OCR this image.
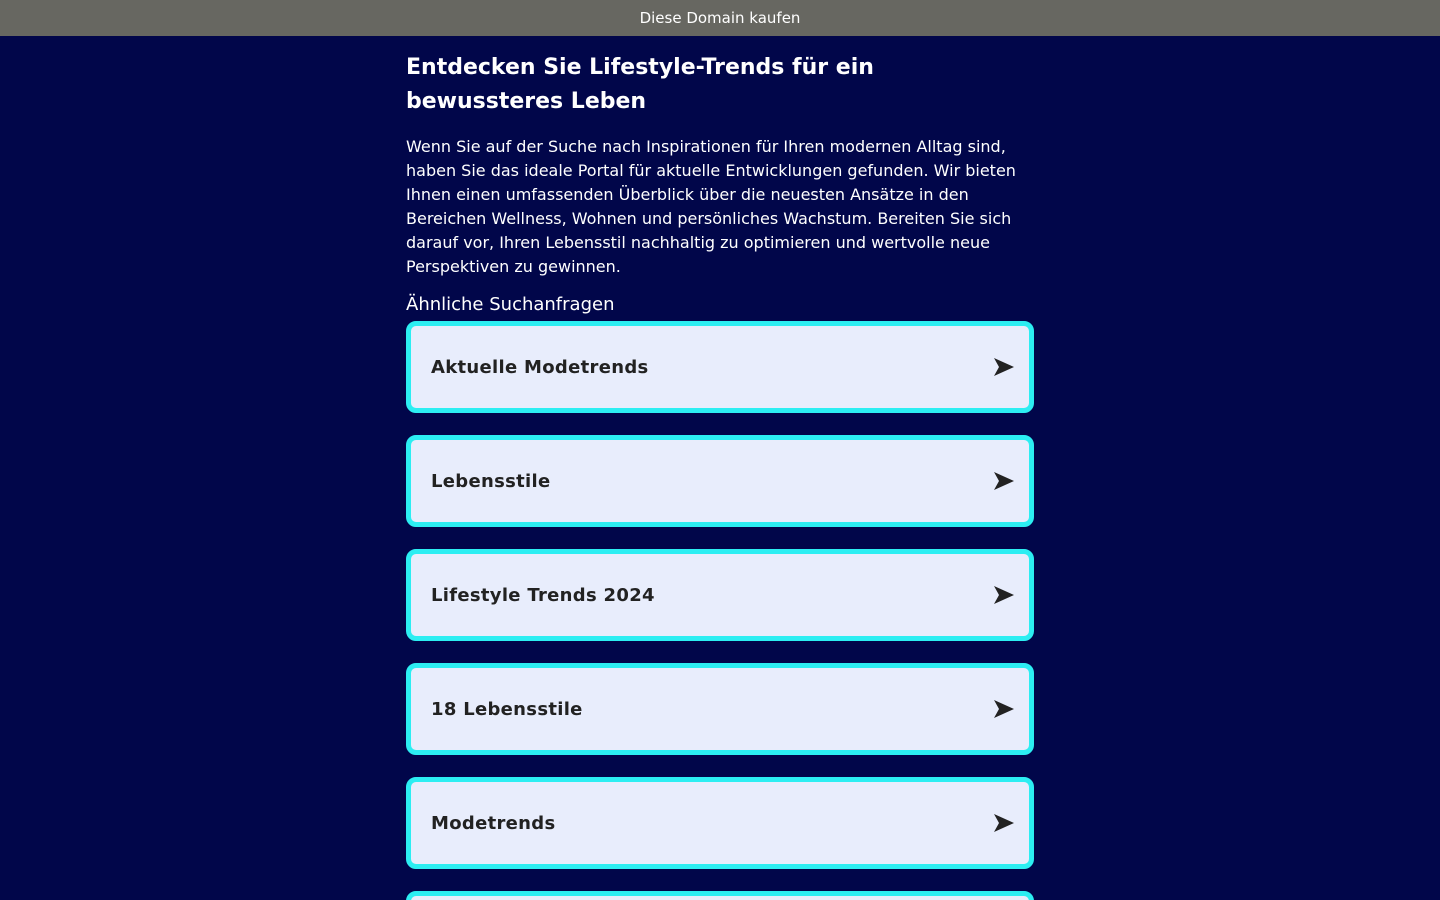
Diese Domain kaufen
Entdecken Sie Lifestyle-Trends für ein bewussteres Leben

Wenn Sie auf der Suche nach Inspirationen für Ihren modernen Alltag sind, haben Sie das ideale Portal für aktuelle Entwicklungen gefunden. Wir bieten Ihnen einen umfassenden Überblick über die neuesten Ansätze in den Bereichen Wellness, Wohnen und persönliches Wachstum. Bereiten Sie sich darauf vor, Ihren Lebensstil nachhaltig zu optimieren und wertvolle neue Perspektiven zu gewinnen.

Ähnliche Suchanfragen
Aktuelle Modetrends
Lebensstile
Lifestyle Trends 2024
18 Lebensstile
Modetrends
